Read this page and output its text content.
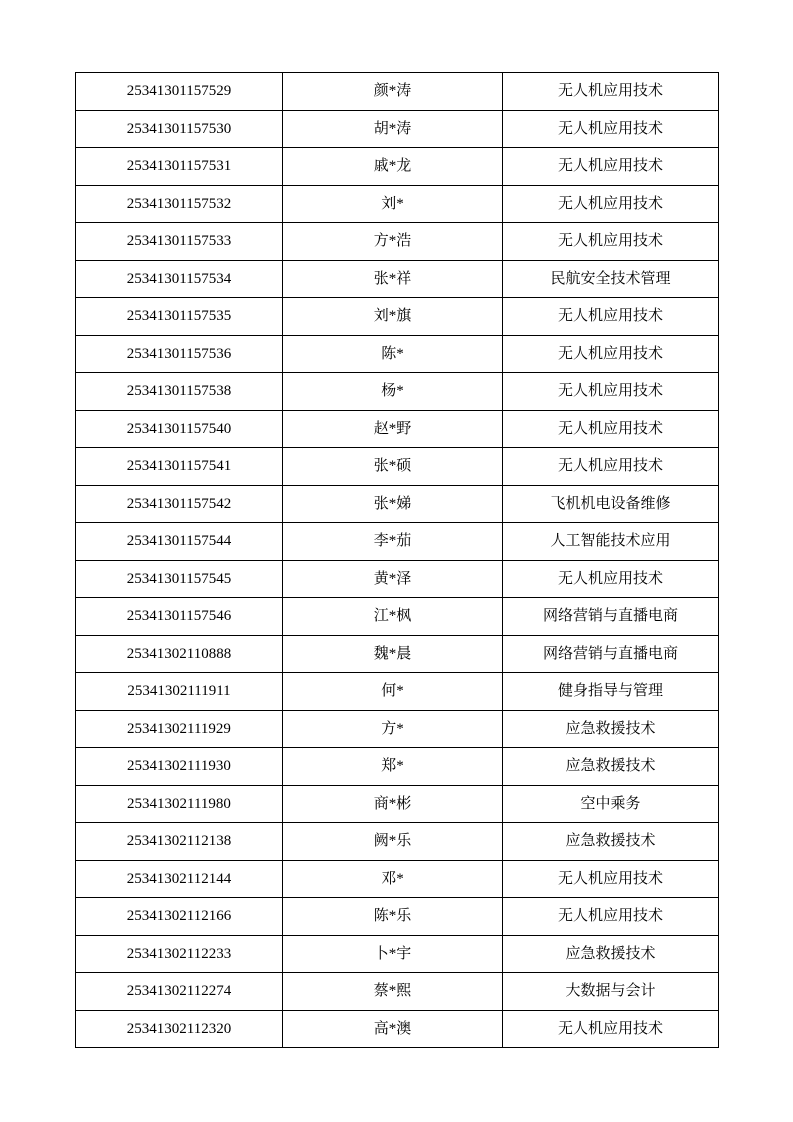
25341301157529	颜*涛	无人机应用技术
25341301157530	胡*涛	无人机应用技术
25341301157531	戚*龙	无人机应用技术
25341301157532	刘*	无人机应用技术
25341301157533	方*浩	无人机应用技术
25341301157534	张*祥	民航安全技术管理
25341301157535	刘*旗	无人机应用技术
25341301157536	陈*	无人机应用技术
25341301157538	杨*	无人机应用技术
25341301157540	赵*野	无人机应用技术
25341301157541	张*硕	无人机应用技术
25341301157542	张*娣	飞机机电设备维修
25341301157544	李*茄	人工智能技术应用
25341301157545	黄*泽	无人机应用技术
25341301157546	江*枫	网络营销与直播电商
25341302110888	魏*晨	网络营销与直播电商
25341302111911	何*	健身指导与管理
25341302111929	方*	应急救援技术
25341302111930	郑*	应急救援技术
25341302111980	商*彬	空中乘务
25341302112138	阙*乐	应急救援技术
25341302112144	邓*	无人机应用技术
25341302112166	陈*乐	无人机应用技术
25341302112233	卜*宇	应急救援技术
25341302112274	蔡*熙	大数据与会计
25341302112320	高*澳	无人机应用技术
